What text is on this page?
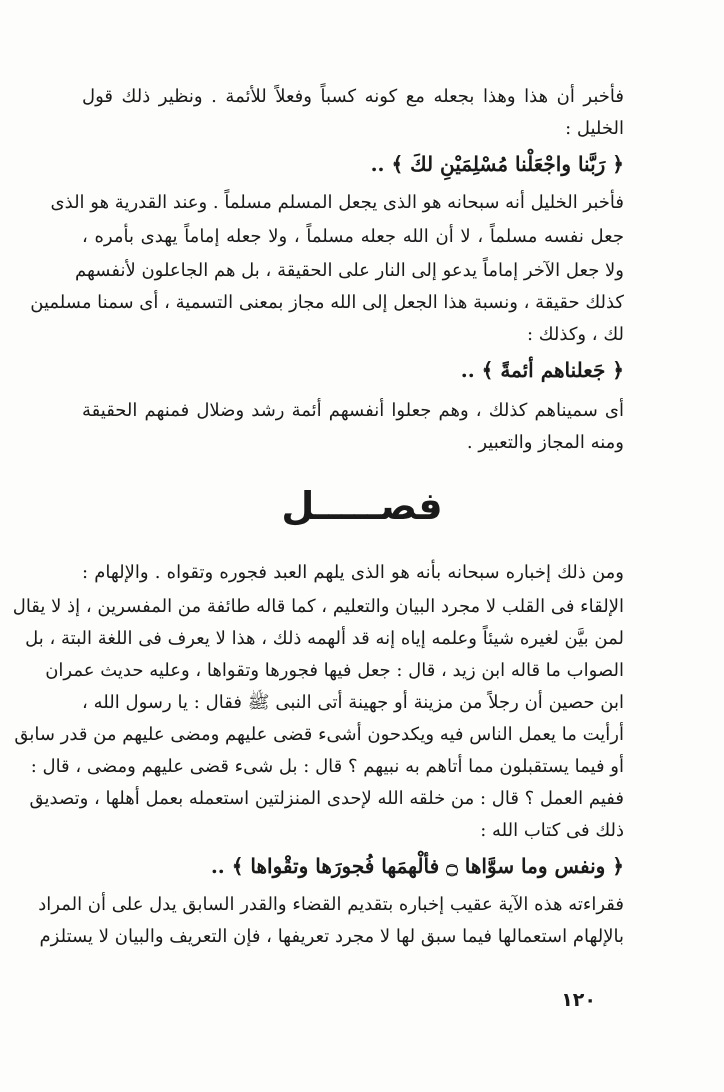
فأخبر أن هذا وهذا بجعله مع كونه كسباً وفعلاً للأئمة . ونظير ذلك قول
الخليل :
﴿ رَبَّنا واجْعَلْنا مُسْلِمَيْنِ لكَ ﴾ ..
فأخبر الخليل أنه سبحانه هو الذى يجعل المسلم مسلماً . وعند القدرية هو الذى
جعل نفسه مسلماً ، لا أن الله جعله مسلماً ، ولا جعله إماماً يهدى بأمره ،
ولا جعل الآخر إماماً يدعو إلى النار على الحقيقة ، بل هم الجاعلون لأنفسهم
كذلك حقيقة ، ونسبة هذا الجعل إلى الله مجاز بمعنى التسمية ، أى سمنا مسلمين
لك ، وكذلك :
﴿ جَعلناهم أئمةً ﴾ ..
أى سميناهم كذلك ، وهم جعلوا أنفسهم أئمة رشد وضلال فمنهم الحقيقة
ومنه المجاز والتعبير .
فصـــــل
ومن ذلك إخباره سبحانه بأنه هو الذى يلهم العبد فجوره وتقواه . والإلهام :
الإلقاء فى القلب لا مجرد البيان والتعليم ، كما قاله طائفة من المفسرين ، إذ لا يقال
لمن بيَّن لغيره شيئاً وعلمه إياه إنه قد ألهمه ذلك ، هذا لا يعرف فى اللغة البتة ، بل
الصواب ما قاله ابن زيد ، قال : جعل فيها فجورها وتقواها ، وعليه حديث عمران
ابن حصين أن رجلاً من مزينة أو جهينة أتى النبى ﷺ فقال : يا رسول الله ،
أرأيت ما يعمل الناس فيه ويكدحون أشىء قضى عليهم ومضى عليهم من قدر سابق
أو فيما يستقبلون مما أتاهم به نبيهم ؟ قال : بل شىء قضى عليهم ومضى ، قال :
ففيم العمل ؟ قال : من خلقه الله لإحدى المنزلتين استعمله بعمل أهلها ، وتصديق
ذلك فى كتاب الله :
﴿ ونفس وما سوَّاها ۝ فألْهمَها فُجورَها وتقْواها ﴾ ..
فقراءته هذه الآية عقيب إخباره بتقديم القضاء والقدر السابق يدل على أن المراد
بالإلهام استعمالها فيما سبق لها لا مجرد تعريفها ، فإن التعريف والبيان لا يستلزم
١٢٠
